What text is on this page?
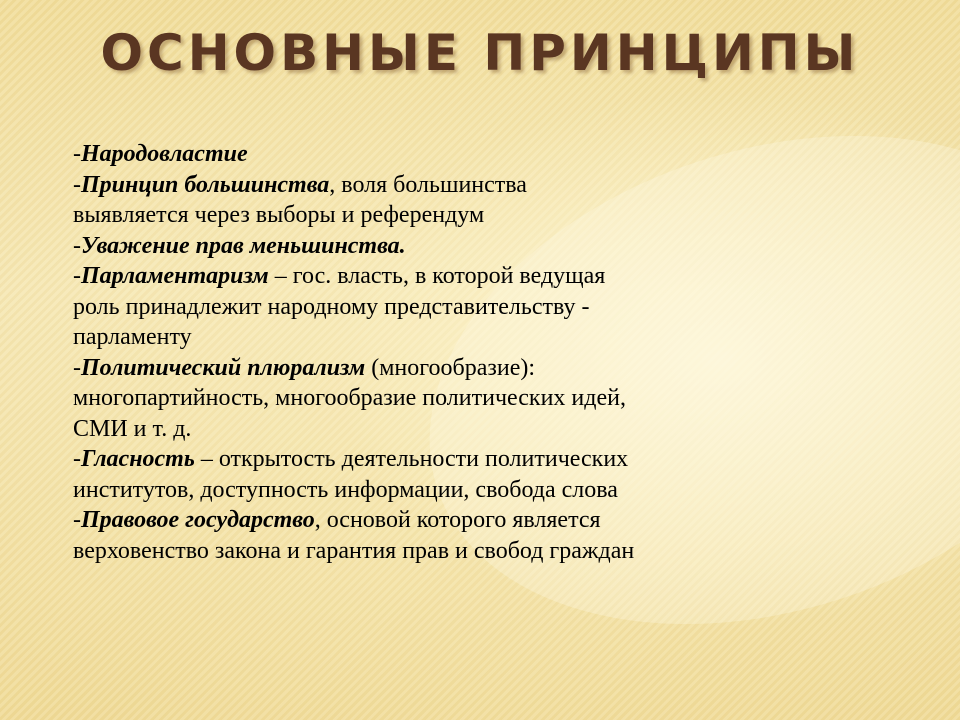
ОСНОВНЫЕ ПРИНЦИПЫ
-Народовластие
-Принцип большинства, воля большинства
выявляется через выборы и референдум
-Уважение прав меньшинства.
-Парламентаризм – гос. власть, в которой ведущая
роль принадлежит народному представительству -
парламенту
-Политический плюрализм (многообразие):
многопартийность, многообразие политических идей,
СМИ и т. д.
-Гласность – открытость деятельности политических
институтов, доступность информации, свобода слова
-Правовое государство, основой которого является
верховенство закона и гарантия прав и свобод граждан
